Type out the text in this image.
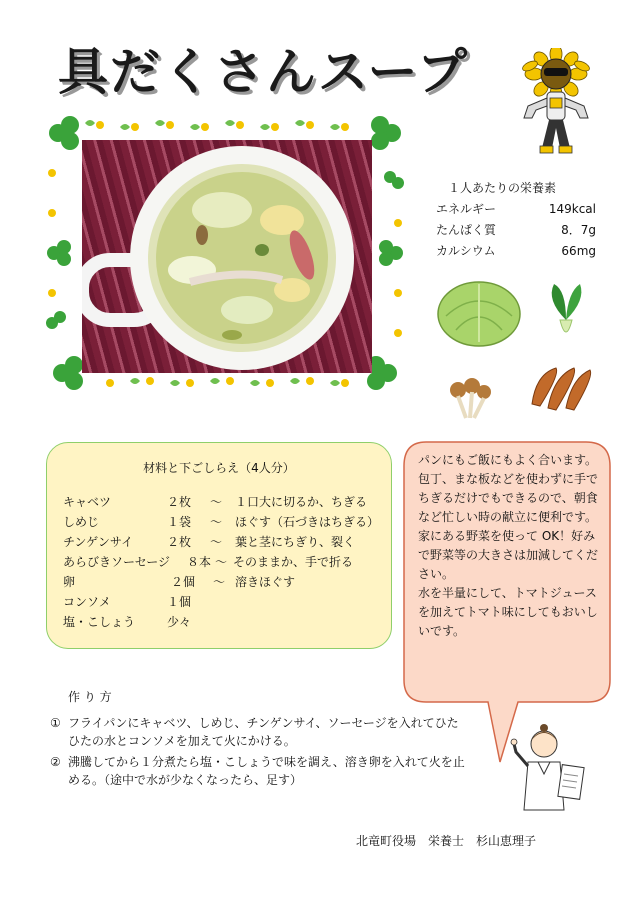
具だくさんスープ
１人あたりの栄養素
エネルギー	149kcal
たんぱく質	8．7g
カルシウム	66mg
材料と下ごしらえ（4人分）
キャベツ	２枚 ～ １口大に切るか、ちぎる
しめじ	１袋 ～ ほぐす（石づきはちぎる）
チンゲンサイ	２枚 ～ 葉と茎にちぎり、裂く
あらびきソーセージ ８本 ～ そのままか、手で折る
卵	２個 ～ 溶きほぐす
コンソメ	１個
塩・こしょう	少々

パンにもご飯にもよく合います。包丁、まな板などを使わずに手でちぎるだけでもできるので、朝食など忙しい時の献立に便利です。

家にある野菜を使って OK！好みで野菜等の大きさは加減してください。

水を半量にして、トマトジュースを加えてトマト味にしてもおいしいです。

作 り 方
① フライパンにキャベツ、しめじ、チンゲンサイ、ソーセージを入れてひたひたの水とコンソメを加えて火にかける。
② 沸騰してから１分煮たら塩・こしょうで味を調え、溶き卵を入れて火を止める。（途中で水が少なくなったら、足す）
北竜町役場　栄養士　杉山恵理子
